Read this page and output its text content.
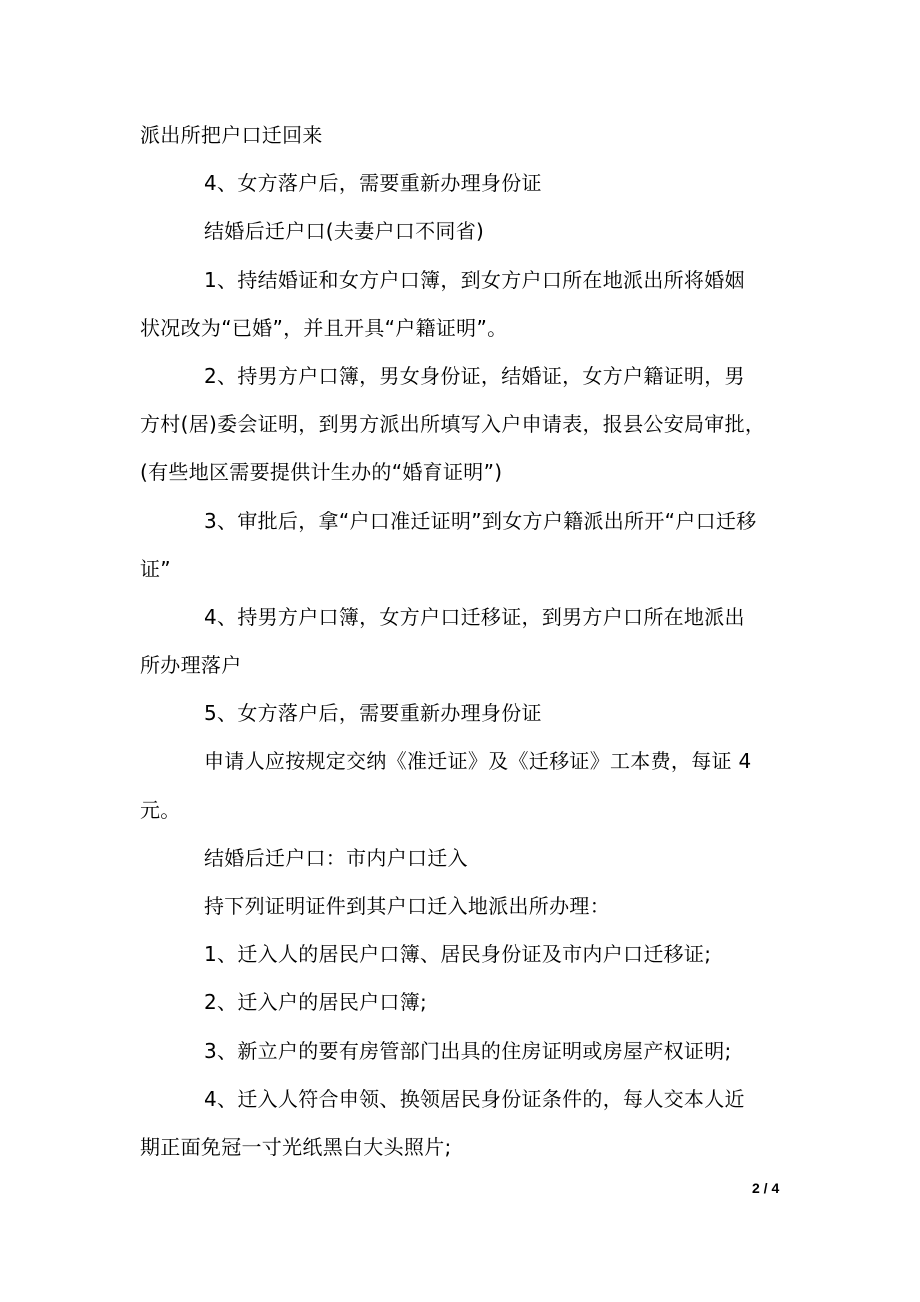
派出所把户口迁回来
4、女方落户后，需要重新办理身份证
结婚后迁户口(夫妻户口不同省)
1、持结婚证和女方户口簿，到女方户口所在地派出所将婚姻
状况改为“已婚”，并且开具“户籍证明”。
2、持男方户口簿，男女身份证，结婚证，女方户籍证明，男
方村(居)委会证明，到男方派出所填写入户申请表，报县公安局审批，
(有些地区需要提供计生办的“婚育证明”)
3、审批后，拿“户口准迁证明”到女方户籍派出所开“户口迁移
证”
4、持男方户口簿，女方户口迁移证，到男方户口所在地派出
所办理落户
5、女方落户后，需要重新办理身份证
申请人应按规定交纳《准迁证》及《迁移证》工本费，每证 4
元。
结婚后迁户口：市内户口迁入
持下列证明证件到其户口迁入地派出所办理：
1、迁入人的居民户口簿、居民身份证及市内户口迁移证;
2、迁入户的居民户口簿;
3、新立户的要有房管部门出具的住房证明或房屋产权证明;
4、迁入人符合申领、换领居民身份证条件的，每人交本人近
期正面免冠一寸光纸黑白大头照片;
2 / 4
